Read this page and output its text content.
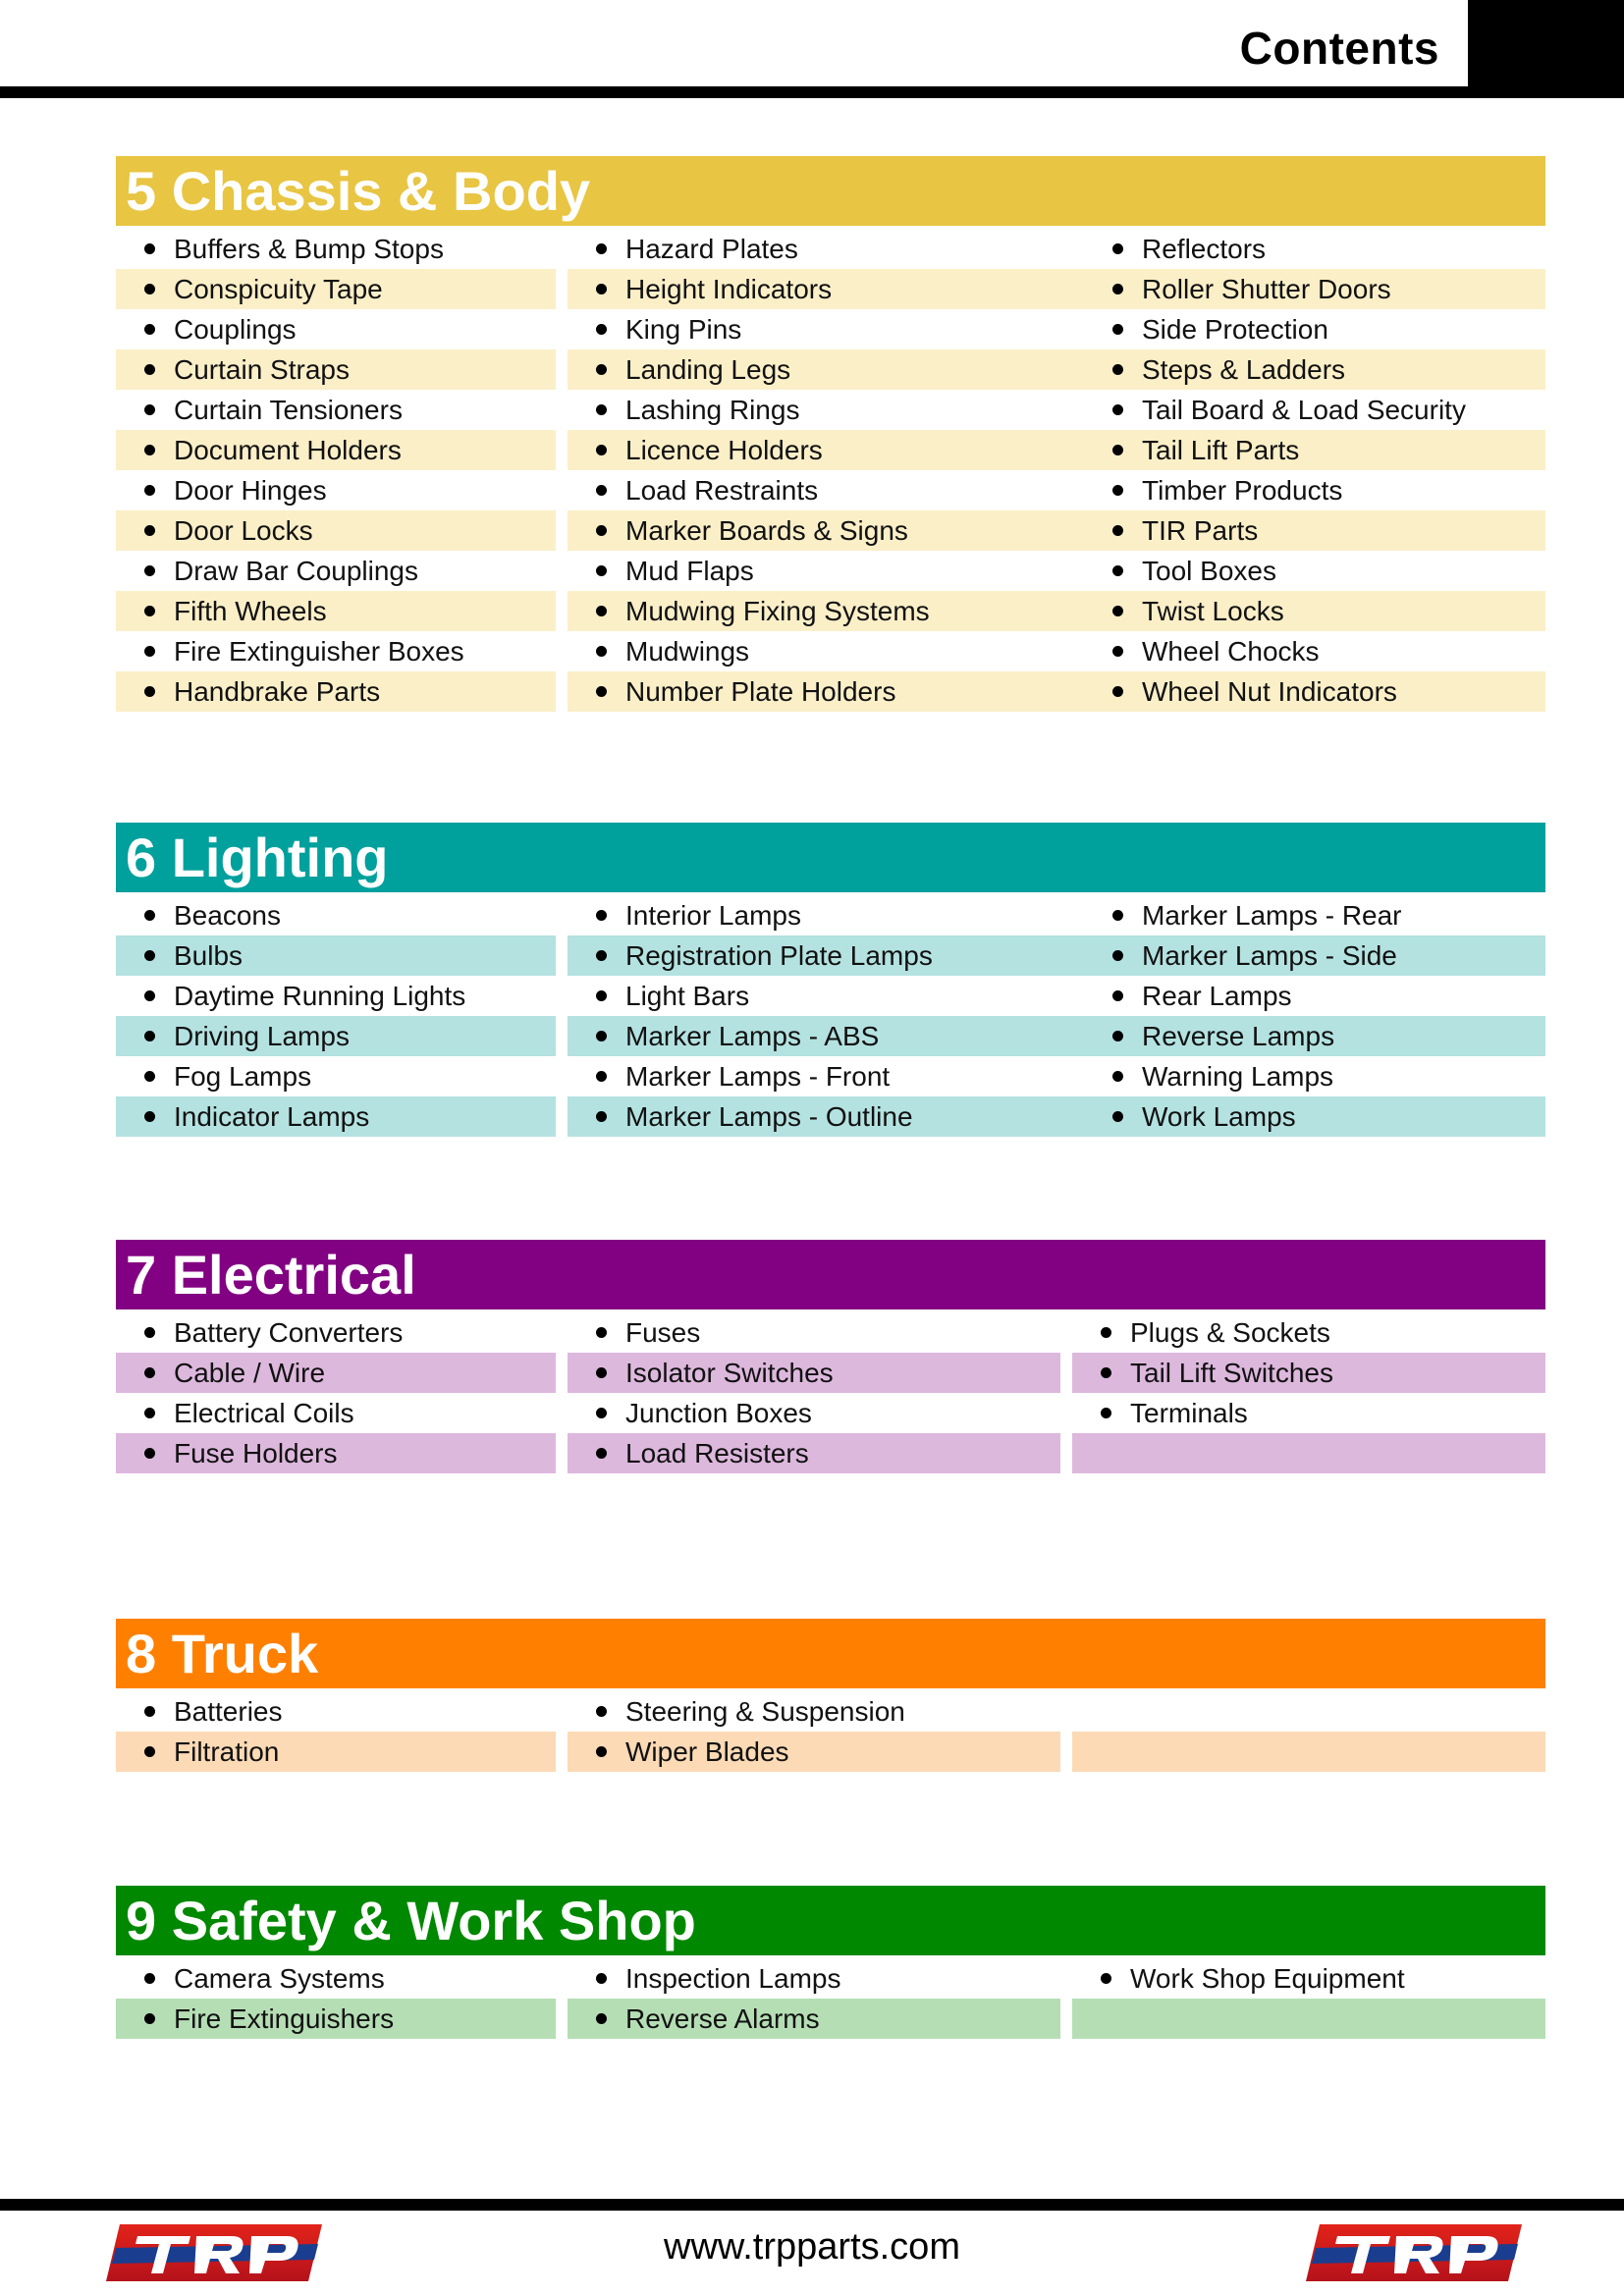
Contents
5 Chassis & Body
Buffers & Bump Stops	Hazard Plates	Reflectors
Conspicuity Tape	Height Indicators	Roller Shutter Doors
Couplings	King Pins	Side Protection
Curtain Straps	Landing Legs	Steps & Ladders
Curtain Tensioners	Lashing Rings	Tail Board & Load Security
Document Holders	Licence Holders	Tail Lift Parts
Door Hinges	Load Restraints	Timber Products
Door Locks	Marker Boards & Signs	TIR Parts
Draw Bar Couplings	Mud Flaps	Tool Boxes
Fifth Wheels	Mudwing Fixing Systems	Twist Locks
Fire Extinguisher Boxes	Mudwings	Wheel Chocks
Handbrake Parts	Number Plate Holders	Wheel Nut Indicators
6 Lighting
Beacons	Interior Lamps	Marker Lamps - Rear
Bulbs	Registration Plate Lamps	Marker Lamps - Side
Daytime Running Lights	Light Bars	Rear Lamps
Driving Lamps	Marker Lamps - ABS	Reverse Lamps
Fog Lamps	Marker Lamps - Front	Warning Lamps
Indicator Lamps	Marker Lamps - Outline	Work Lamps
7 Electrical
Battery Converters	Fuses	Plugs & Sockets
Cable / Wire	Isolator Switches	Tail Lift Switches
Electrical Coils	Junction Boxes	Terminals
Fuse Holders	Load Resisters
8 Truck
Batteries	Steering & Suspension
Filtration	Wiper Blades
9 Safety & Work Shop
Camera Systems	Inspection Lamps	Work Shop Equipment
Fire Extinguishers	Reverse Alarms
www.trpparts.com
